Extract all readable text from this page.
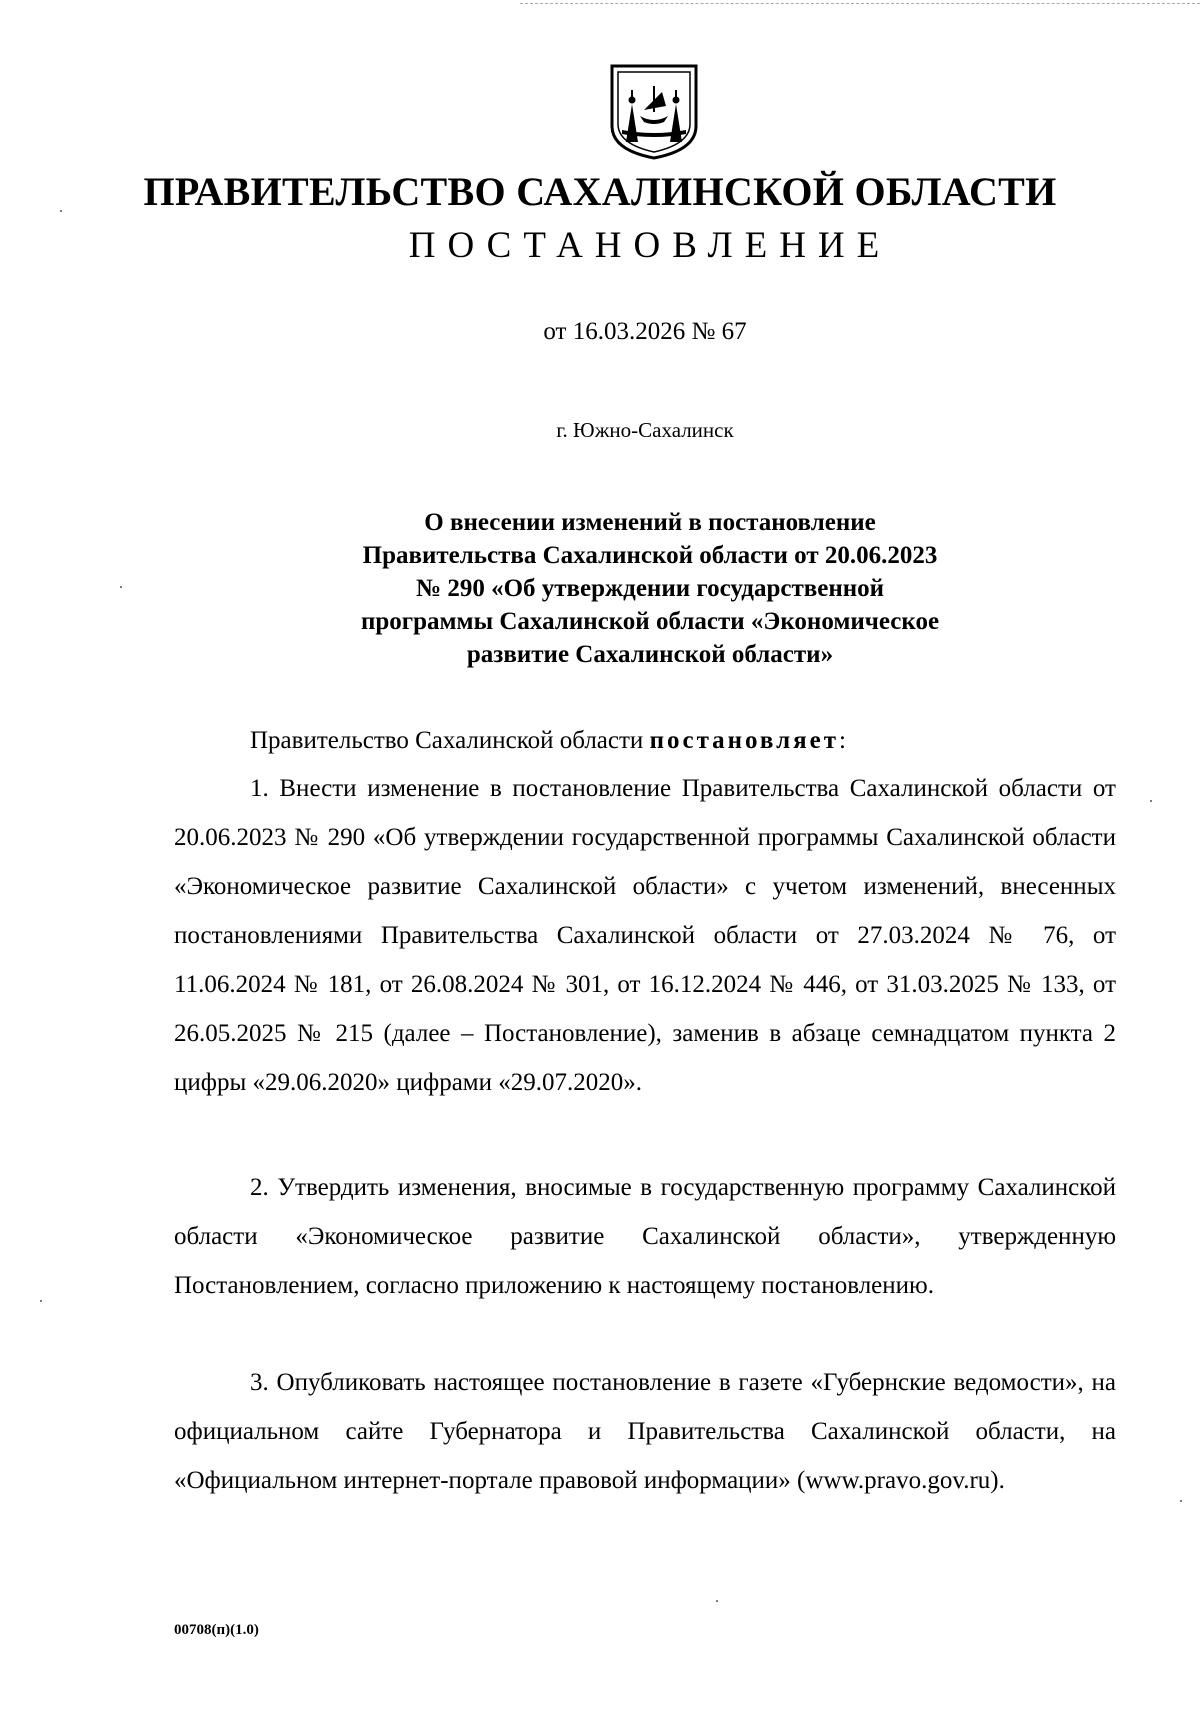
ПРАВИТЕЛЬСТВО САХАЛИНСКОЙ ОБЛАСТИ
ПОСТАНОВЛЕНИЕ
от 16.03.2026 № 67
г. Южно-Сахалинск
О внесении изменений в постановление
Правительства Сахалинской области от 20.06.2023
№ 290 «Об утверждении государственной
программы Сахалинской области «Экономическое
развитие Сахалинской области»
Правительство Сахалинской области постановляет:
1. Внести изменение в постановление Правительства Сахалинской области от 20.06.2023 № 290 «Об утверждении государственной программы Сахалинской области «Экономическое развитие Сахалинской области» с учетом изменений, внесенных постановлениями Правительства Сахалинской области от 27.03.2024 № 76, от 11.06.2024 № 181, от 26.08.2024 № 301, от 16.12.2024 № 446, от 31.03.2025 № 133, от 26.05.2025 № 215 (далее – Постановление), заменив в абзаце семнадцатом пункта 2 цифры «29.06.2020» цифрами «29.07.2020».
2. Утвердить изменения, вносимые в государственную программу Сахалинской области «Экономическое развитие Сахалинской области», утвержденную Постановлением, согласно приложению к настоящему постановлению.
3. Опубликовать настоящее постановление в газете «Губернские ведомости», на официальном сайте Губернатора и Правительства Сахалинской области, на «Официальном интернет-портале правовой информации» (www.pravo.gov.ru).
00708(п)(1.0)
